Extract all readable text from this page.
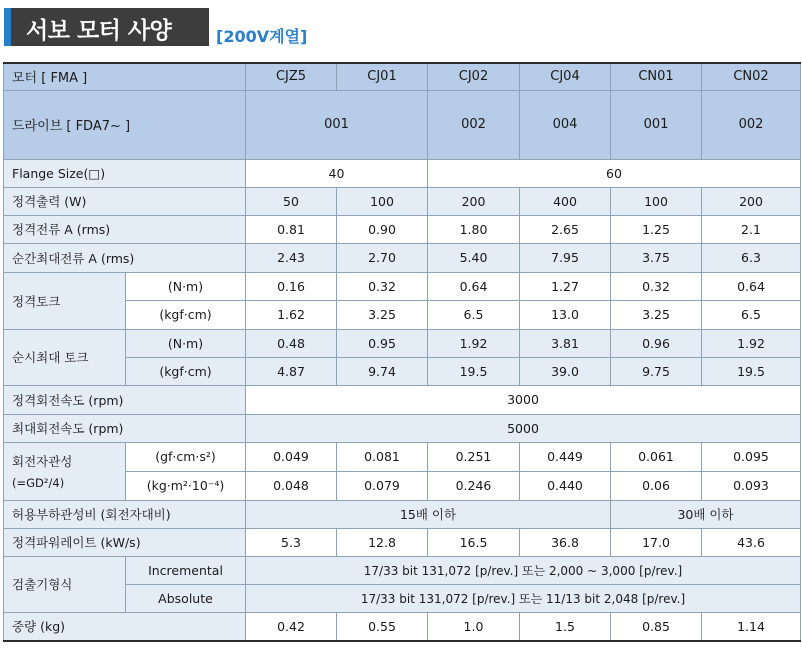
서보 모터 사양	[200V계열]
모터 [ FMA ]		CJZ5	CJ01	CJ02	CJ04	CN01	CN02
드라이브 [ FDA7~ ]		001		002	004	001	002
Flange Size(□)		40		60			
정격출력 (W)		50	100	200	400	100	200
정격전류 A (rms)		0.81	0.90	1.80	2.65	1.25	2.1
순간최대전류 A (rms)		2.43	2.70	5.40	7.95	3.75	6.3
정격토크	(N·m)	0.16	0.32	0.64	1.27	0.32	0.64
	(kgf·cm)	1.62	3.25	6.5	13.0	3.25	6.5
순시최대 토크	(N·m)	0.48	0.95	1.92	3.81	0.96	1.92
	(kgf·cm)	4.87	9.74	19.5	39.0	9.75	19.5
정격회전속도 (rpm)		3000					
최대회전속도 (rpm)		5000					

회전자관성
(=GD²/4)	(gf·cm·s²)	0.049	0.081	0.251	0.449	0.061	0.095
	(kg·m²·10⁻⁴)	0.048	0.079	0.246	0.440	0.06	0.093
허용부하관성비 (회전자대비)		15배 이하				30배 이하	
정격파워레이트 (kW/s)		5.3	12.8	16.5	36.8	17.0	43.6
검출기형식	Incremental	17/33 bit 131,072 [p/rev.] 또는 2,000 ~ 3,000 [p/rev.]					
	Absolute	17/33 bit 131,072 [p/rev.] 또는 11/13 bit 2,048 [p/rev.]					
중량 (kg)		0.42	0.55	1.0	1.5	0.85	1.14
